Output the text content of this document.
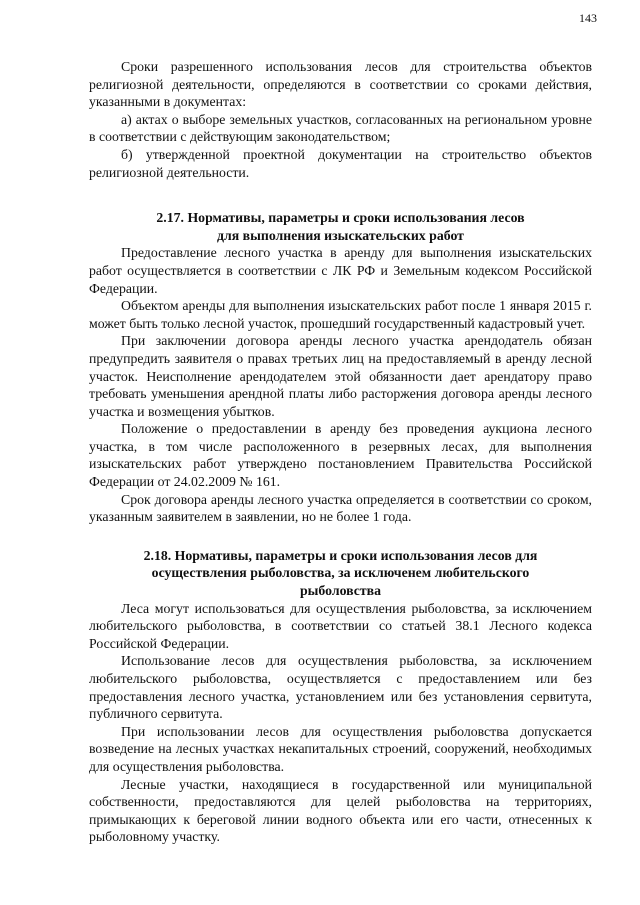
143

Сроки разрешенного использования лесов для строительства объектов религиозной деятельности, определяются в соответствии со сроками действия, указанными в документах:

а) актах о выборе земельных участков, согласованных на региональном уровне в соответствии с действующим законодательством;

б) утвержденной проектной документации на строительство объектов религиозной деятельности.

2.17. Нормативы, параметры и сроки использования лесов
для выполнения изыскательских работ

Предоставление лесного участка в аренду для выполнения изыскательских работ осуществляется в соответствии с ЛК РФ и Земельным кодексом Российской Федерации.

Объектом аренды для выполнения изыскательских работ после 1 января 2015 г. может быть только лесной участок, прошедший государственный кадастровый учет.

При заключении договора аренды лесного участка арендодатель обязан предупредить заявителя о правах третьих лиц на предоставляемый в аренду лесной участок. Неисполнение арендодателем этой обязанности дает арендатору право требовать уменьшения арендной платы либо расторжения договора аренды лесного участка и возмещения убытков.

Положение о предоставлении в аренду без проведения аукциона лесного участка, в том числе расположенного в резервных лесах, для выполнения изыскательских работ утверждено постановлением Правительства Российской Федерации от 24.02.2009 № 161.

Срок договора аренды лесного участка определяется в соответствии со сроком, указанным заявителем в заявлении, но не более 1 года.

2.18. Нормативы, параметры и сроки использования лесов для
осуществления рыболовства, за исключенем любительского
рыболовства

Леса могут использоваться для осуществления рыболовства, за исключением любительского рыболовства, в соответствии со статьей 38.1 Лесного кодекса Российской Федерации.

Использование лесов для осуществления рыболовства, за исключением любительского рыболовства, осуществляется с предоставлением или без предоставления лесного участка, установлением или без установления сервитута, публичного сервитута.

При использовании лесов для осуществления рыболовства допускается возведение на лесных участках некапитальных строений, сооружений, необходимых для осуществления рыболовства.

Лесные участки, находящиеся в государственной или муниципальной собственности, предоставляются для целей рыболовства на территориях, примыкающих к береговой линии водного объекта или его части, отнесенных к рыболовному участку.
